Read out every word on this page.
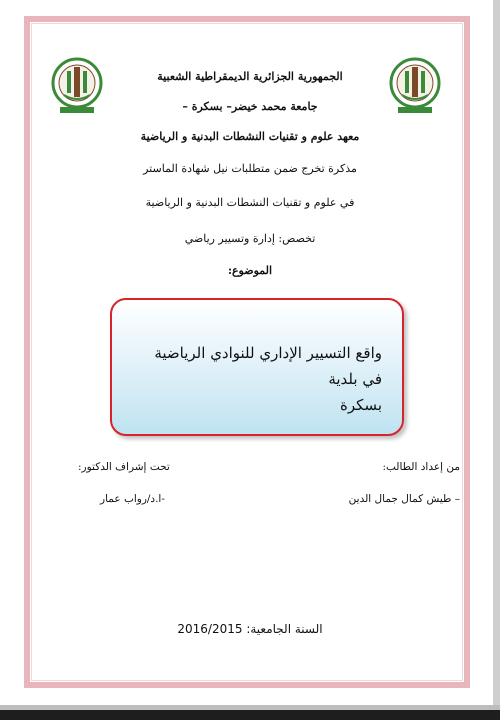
الجمهورية الجزائرية الديمقراطية الشعبية
جامعة محمد خيضر– بسكرة –
معهد علوم و تقنيات النشطات البدنية و الرياضية
مذكرة تخرج ضمن متطلبات نيل شهادة الماستر
في علوم و تقنيات النشطات البدنية و الرياضية
تخصص: إدارة وتسيير رياضي
الموضوع:
واقع التسيير الإداري للنوادي الرياضية في بلدية
بسكرة
من إعداد الطالب:
– طيش كمال جمال الدين
تحت إشراف الدكتور:
-ا.د/رواب عمار
السنة الجامعية: 2016/2015
